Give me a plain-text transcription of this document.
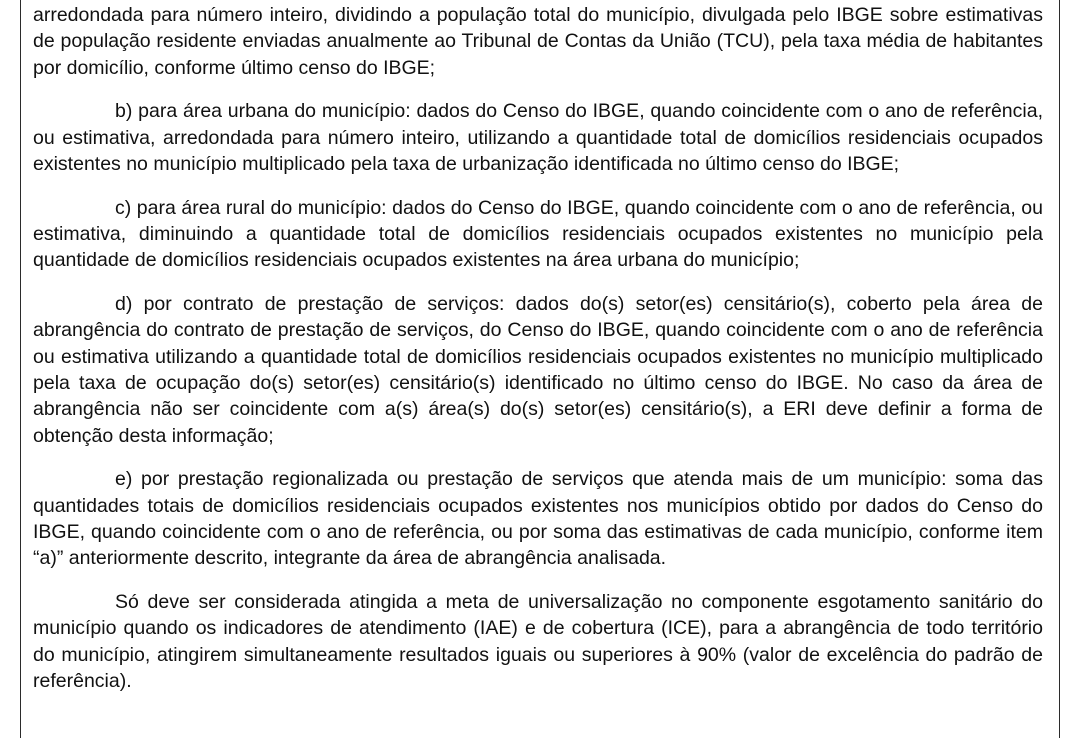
arredondada para número inteiro, dividindo a população total do município, divulgada pelo IBGE sobre estimativas de população residente enviadas anualmente ao Tribunal de Contas da União (TCU), pela taxa média de habitantes por domicílio, conforme último censo do IBGE;

b) para área urbana do município: dados do Censo do IBGE, quando coincidente com o ano de referência, ou estimativa, arredondada para número inteiro, utilizando a quantidade total de domicílios residenciais ocupados existentes no município multiplicado pela taxa de urbanização identificada no último censo do IBGE;

c) para área rural do município: dados do Censo do IBGE, quando coincidente com o ano de referência, ou estimativa, diminuindo a quantidade total de domicílios residenciais ocupados existentes no município pela quantidade de domicílios residenciais ocupados existentes na área urbana do município;

d) por contrato de prestação de serviços: dados do(s) setor(es) censitário(s), coberto pela área de abrangência do contrato de prestação de serviços, do Censo do IBGE, quando coincidente com o ano de referência ou estimativa utilizando a quantidade total de domicílios residenciais ocupados existentes no município multiplicado pela taxa de ocupação do(s) setor(es) censitário(s) identificado no último censo do IBGE. No caso da área de abrangência não ser coincidente com a(s) área(s) do(s) setor(es) censitário(s), a ERI deve definir a forma de obtenção desta informação;

e) por prestação regionalizada ou prestação de serviços que atenda mais de um município: soma das quantidades totais de domicílios residenciais ocupados existentes nos municípios obtido por dados do Censo do IBGE, quando coincidente com o ano de referência, ou por soma das estimativas de cada município, conforme item “a)” anteriormente descrito, integrante da área de abrangência analisada.

Só deve ser considerada atingida a meta de universalização no componente esgotamento sanitário do município quando os indicadores de atendimento (IAE) e de cobertura (ICE), para a abrangência de todo território do município, atingirem simultaneamente resultados iguais ou superiores à 90% (valor de excelência do padrão de referência).
